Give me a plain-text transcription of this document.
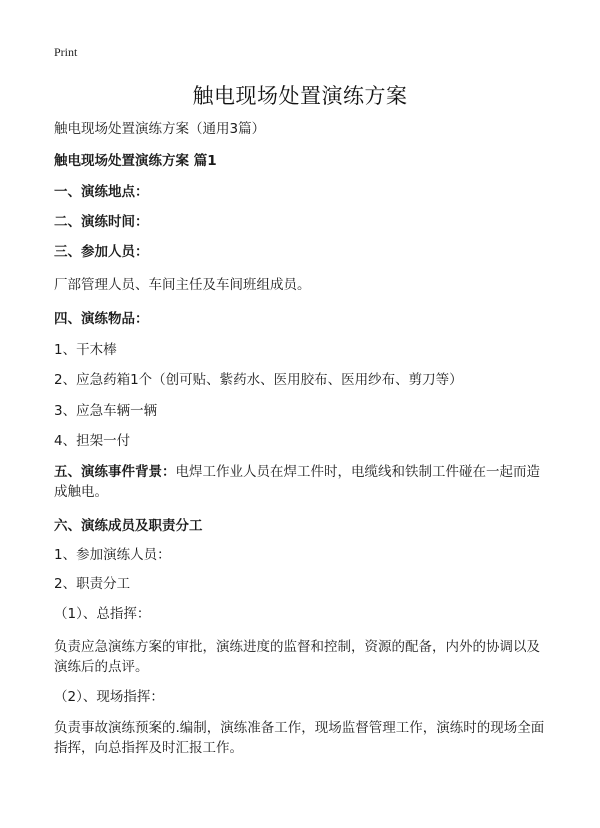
Print
触电现场处置演练方案
触电现场处置演练方案（通用3篇）
触电现场处置演练方案 篇1
一、演练地点：
二、演练时间：
三、参加人员：
厂部管理人员、车间主任及车间班组成员。
四、演练物品：
1、干木棒
2、应急药箱1个（创可贴、紫药水、医用胶布、医用纱布、剪刀等）
3、应急车辆一辆
4、担架一付
五、演练事件背景：电焊工作业人员在焊工件时，电缆线和铁制工件碰在一起而造成触电。
六、演练成员及职责分工
1、参加演练人员：
2、职责分工
（1）、总指挥：
负责应急演练方案的审批，演练进度的监督和控制，资源的配备，内外的协调以及演练后的点评。
（2）、现场指挥：
负责事故演练预案的.编制，演练准备工作，现场监督管理工作，演练时的现场全面指挥，向总指挥及时汇报工作。
